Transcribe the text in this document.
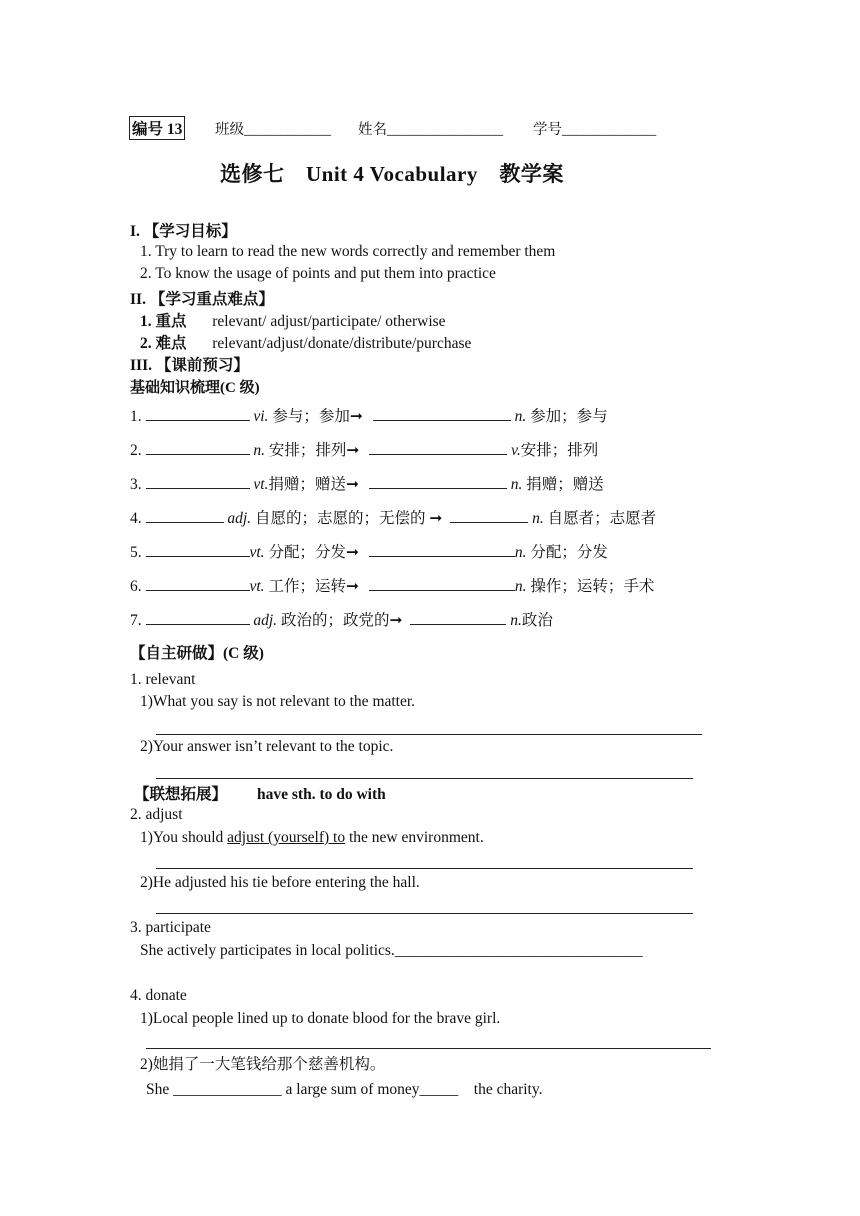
编号 13 班级____________ 姓名________________ 学号_____________
选修七　Unit 4 Vocabulary　教学案
I. 【学习目标】
1. Try to learn to read the new words correctly and remember them
2. To know the usage of points and put them into practice
II. 【学习重点难点】
1. 重点 relevant/ adjust/participate/ otherwise
2. 难点 relevant/adjust/donate/distribute/purchase
III. 【课前预习】
基础知识梳理(C 级)
1.	vi. 参与；参加➞	n. 参加；参与
2.	n. 安排；排列➞	v.安排；排列
3.	vt.捐赠；赠送➞	n. 捐赠；赠送
4.	adj. 自愿的；志愿的；无偿的 ➞	n. 自愿者；志愿者
5.	vt. 分配；分发➞	n. 分配；分发
6.	vt. 工作；运转➞	n. 操作；运转；手术
7.	adj. 政治的；政党的➞	n.政治
【自主研做】(C 级)
1. relevant
1)What you say is not relevant to the matter.
2)Your answer isn’t relevant to the topic.
【联想拓展】 have sth. to do with
2. adjust
1)You should adjust (yourself) to the new environment.
2)He adjusted his tie before entering the hall.
3. participate
She actively participates in local politics.________________________________
4. donate
1)Local people lined up to donate blood for the brave girl.
2)她捐了一大笔钱给那个慈善机构。
She ______________ a large sum of money_____　the charity.
